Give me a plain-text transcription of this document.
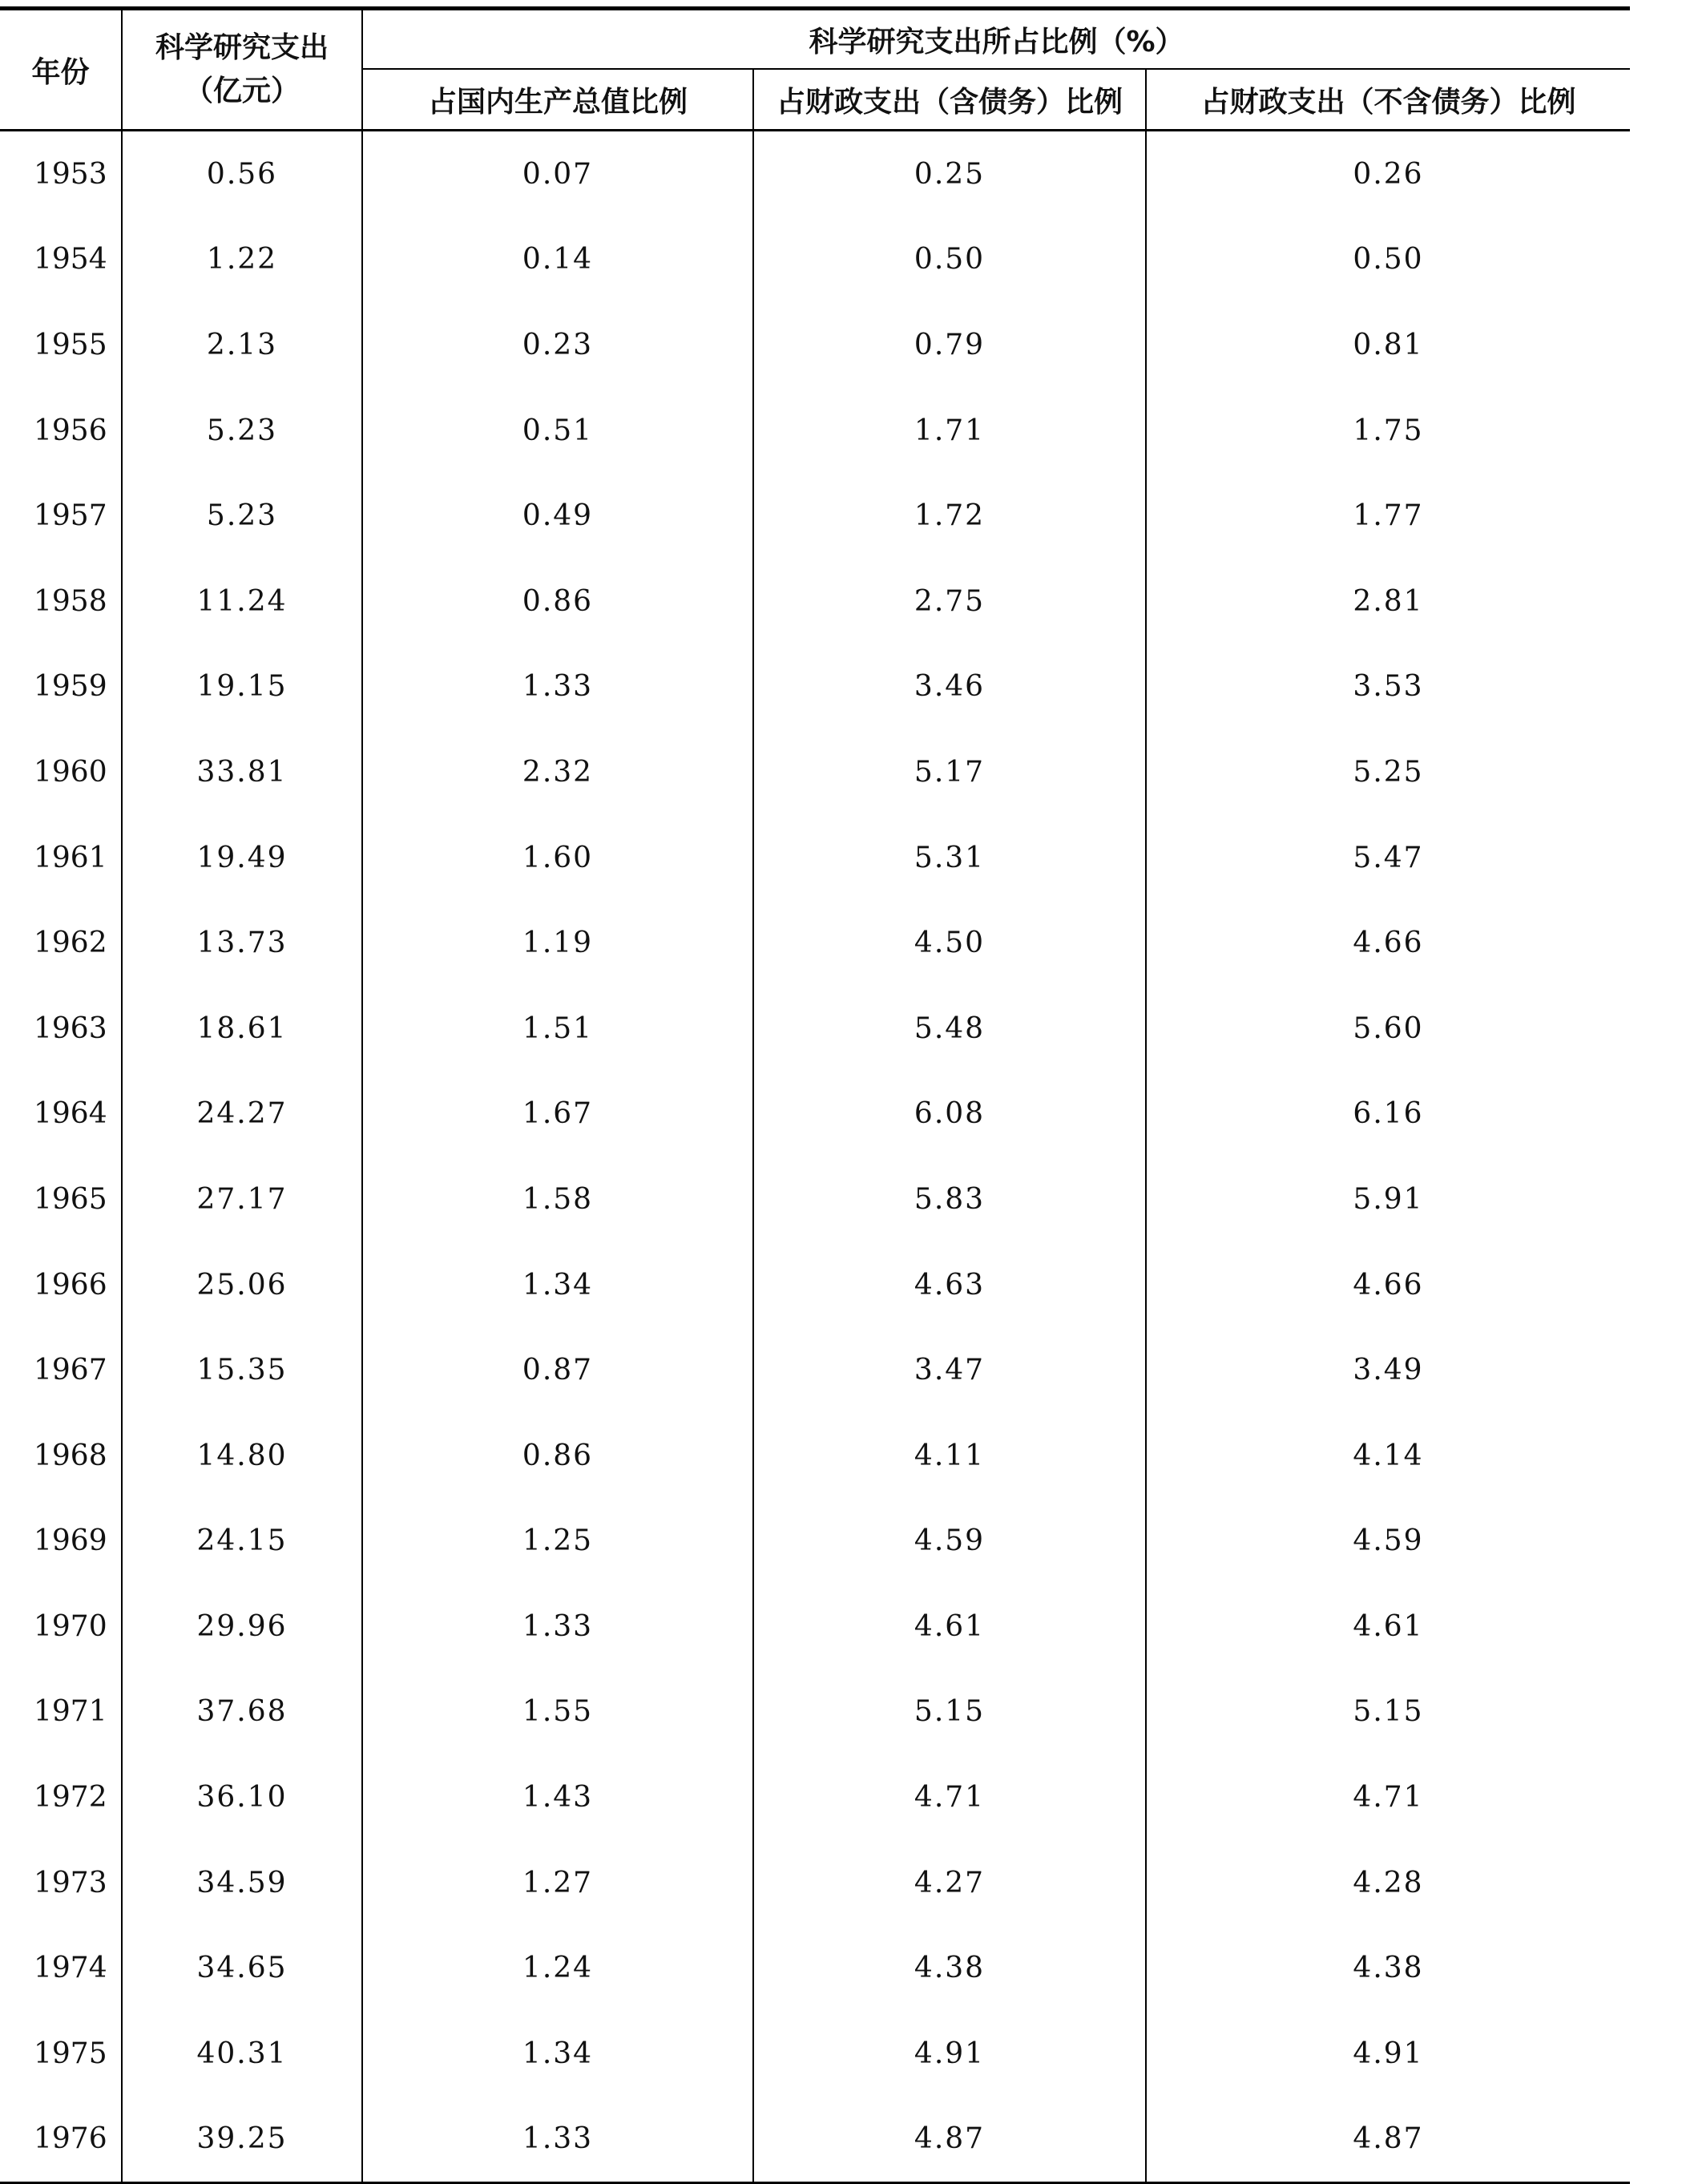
年份	科学研究支出
（亿元）	科学研究支出所占比例（%）		
		占国内生产总值比例	占财政支出（含债务）比例	占财政支出（不含债务）比例
1953	0.56	0.07	0.25	0.26
1954	1.22	0.14	0.50	0.50
1955	2.13	0.23	0.79	0.81
1956	5.23	0.51	1.71	1.75
1957	5.23	0.49	1.72	1.77
1958	11.24	0.86	2.75	2.81
1959	19.15	1.33	3.46	3.53
1960	33.81	2.32	5.17	5.25
1961	19.49	1.60	5.31	5.47
1962	13.73	1.19	4.50	4.66
1963	18.61	1.51	5.48	5.60
1964	24.27	1.67	6.08	6.16
1965	27.17	1.58	5.83	5.91
1966	25.06	1.34	4.63	4.66
1967	15.35	0.87	3.47	3.49
1968	14.80	0.86	4.11	4.14
1969	24.15	1.25	4.59	4.59
1970	29.96	1.33	4.61	4.61
1971	37.68	1.55	5.15	5.15
1972	36.10	1.43	4.71	4.71
1973	34.59	1.27	4.27	4.28
1974	34.65	1.24	4.38	4.38
1975	40.31	1.34	4.91	4.91
1976	39.25	1.33	4.87	4.87
